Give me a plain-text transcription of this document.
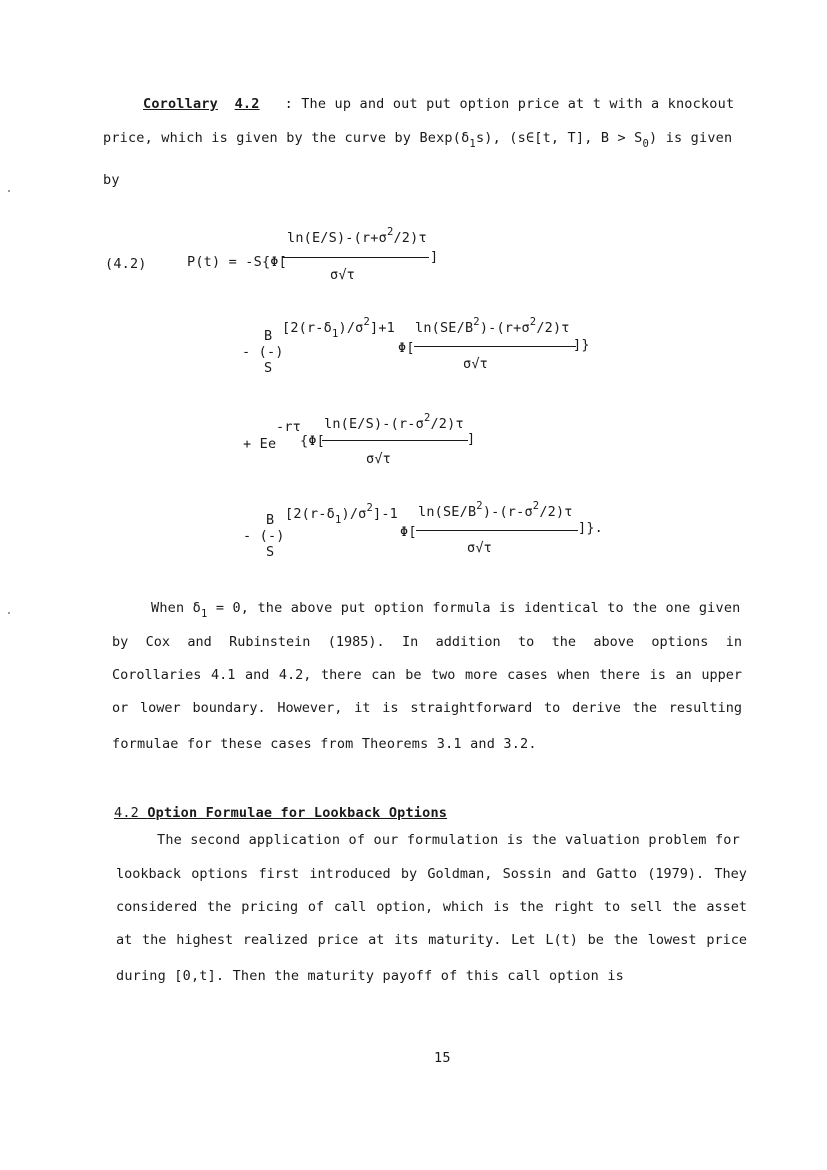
Corollary 4.2 : The up and out put option price at t with a knockout
price, which is given by the curve by $Bexp(\delta_1s)$, (s∈[t, T], $B > S_0$) is given
by
(4.2)
$\ln(E/S)-(r+\sigma^2/2)\tau$
P(t) = -S{Φ[	]
σ√τ
B $[2(r-\delta_1)/\sigma^2]+1$ $\ln(SE/B^2)-(r+\sigma^2/2)\tau$
- (-)	Φ[	]}
S	σ√τ
-rτ $\ln(E/S)-(r-\sigma^2/2)\tau$
+ Ee {Φ[	]
σ√τ
B $[2(r-\delta_1)/\sigma^2]-1$ $\ln(SE/B^2)-(r-\sigma^2/2)\tau$
- (-)	Φ[	]}.
S	σ√τ
When $\delta_1 = 0$, the above put option formula is identical to the one given
by Cox and Rubinstein (1985). In addition to the above options in
Corollaries 4.1 and 4.2, there can be two more cases when there is an upper
or lower boundary. However, it is straightforward to derive the resulting
formulae for these cases from Theorems 3.1 and 3.2.
4.2 Option Formulae for Lookback Options
The second application of our formulation is the valuation problem for
lookback options first introduced by Goldman, Sossin and Gatto (1979). They
considered the pricing of call option, which is the right to sell the asset
at the highest realized price at its maturity. Let L(t) be the lowest price
during [0,t]. Then the maturity payoff of this call option is
15
